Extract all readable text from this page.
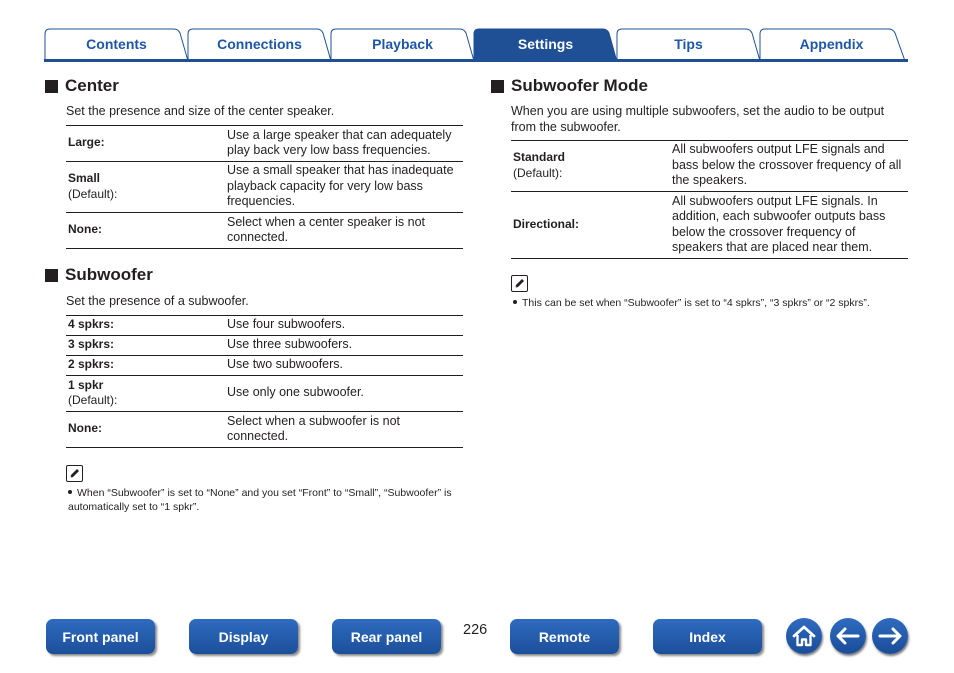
Contents	Connections	Playback	Settings	Tips	Appendix
Center
Set the presence and size of the center speaker.
Large:	Use a large speaker that can adequately play back very low bass frequencies.
Small
(Default):	Use a small speaker that has inadequate playback capacity for very low bass frequencies.
None:	Select when a center speaker is not connected.
Subwoofer
Set the presence of a subwoofer.
4 spkrs:	Use four subwoofers.
3 spkrs:	Use three subwoofers.
2 spkrs:	Use two subwoofers.
1 spkr
(Default):	Use only one subwoofer.
None:	Select when a subwoofer is not connected.
When “Subwoofer” is set to “None” and you set “Front” to “Small”, “Subwoofer” is automatically set to “1 spkr”.
Subwoofer Mode
When you are using multiple subwoofers, set the audio to be output from the subwoofer.
Standard
(Default):	All subwoofers output LFE signals and bass below the crossover frequency of all the speakers.
Directional:	All subwoofers output LFE signals. In addition, each subwoofer outputs bass below the crossover frequency of speakers that are placed near them.
This can be set when “Subwoofer” is set to “4 spkrs”, “3 spkrs” or “2 spkrs”.
Front panel	Display	Rear panel	226	Remote	Index
